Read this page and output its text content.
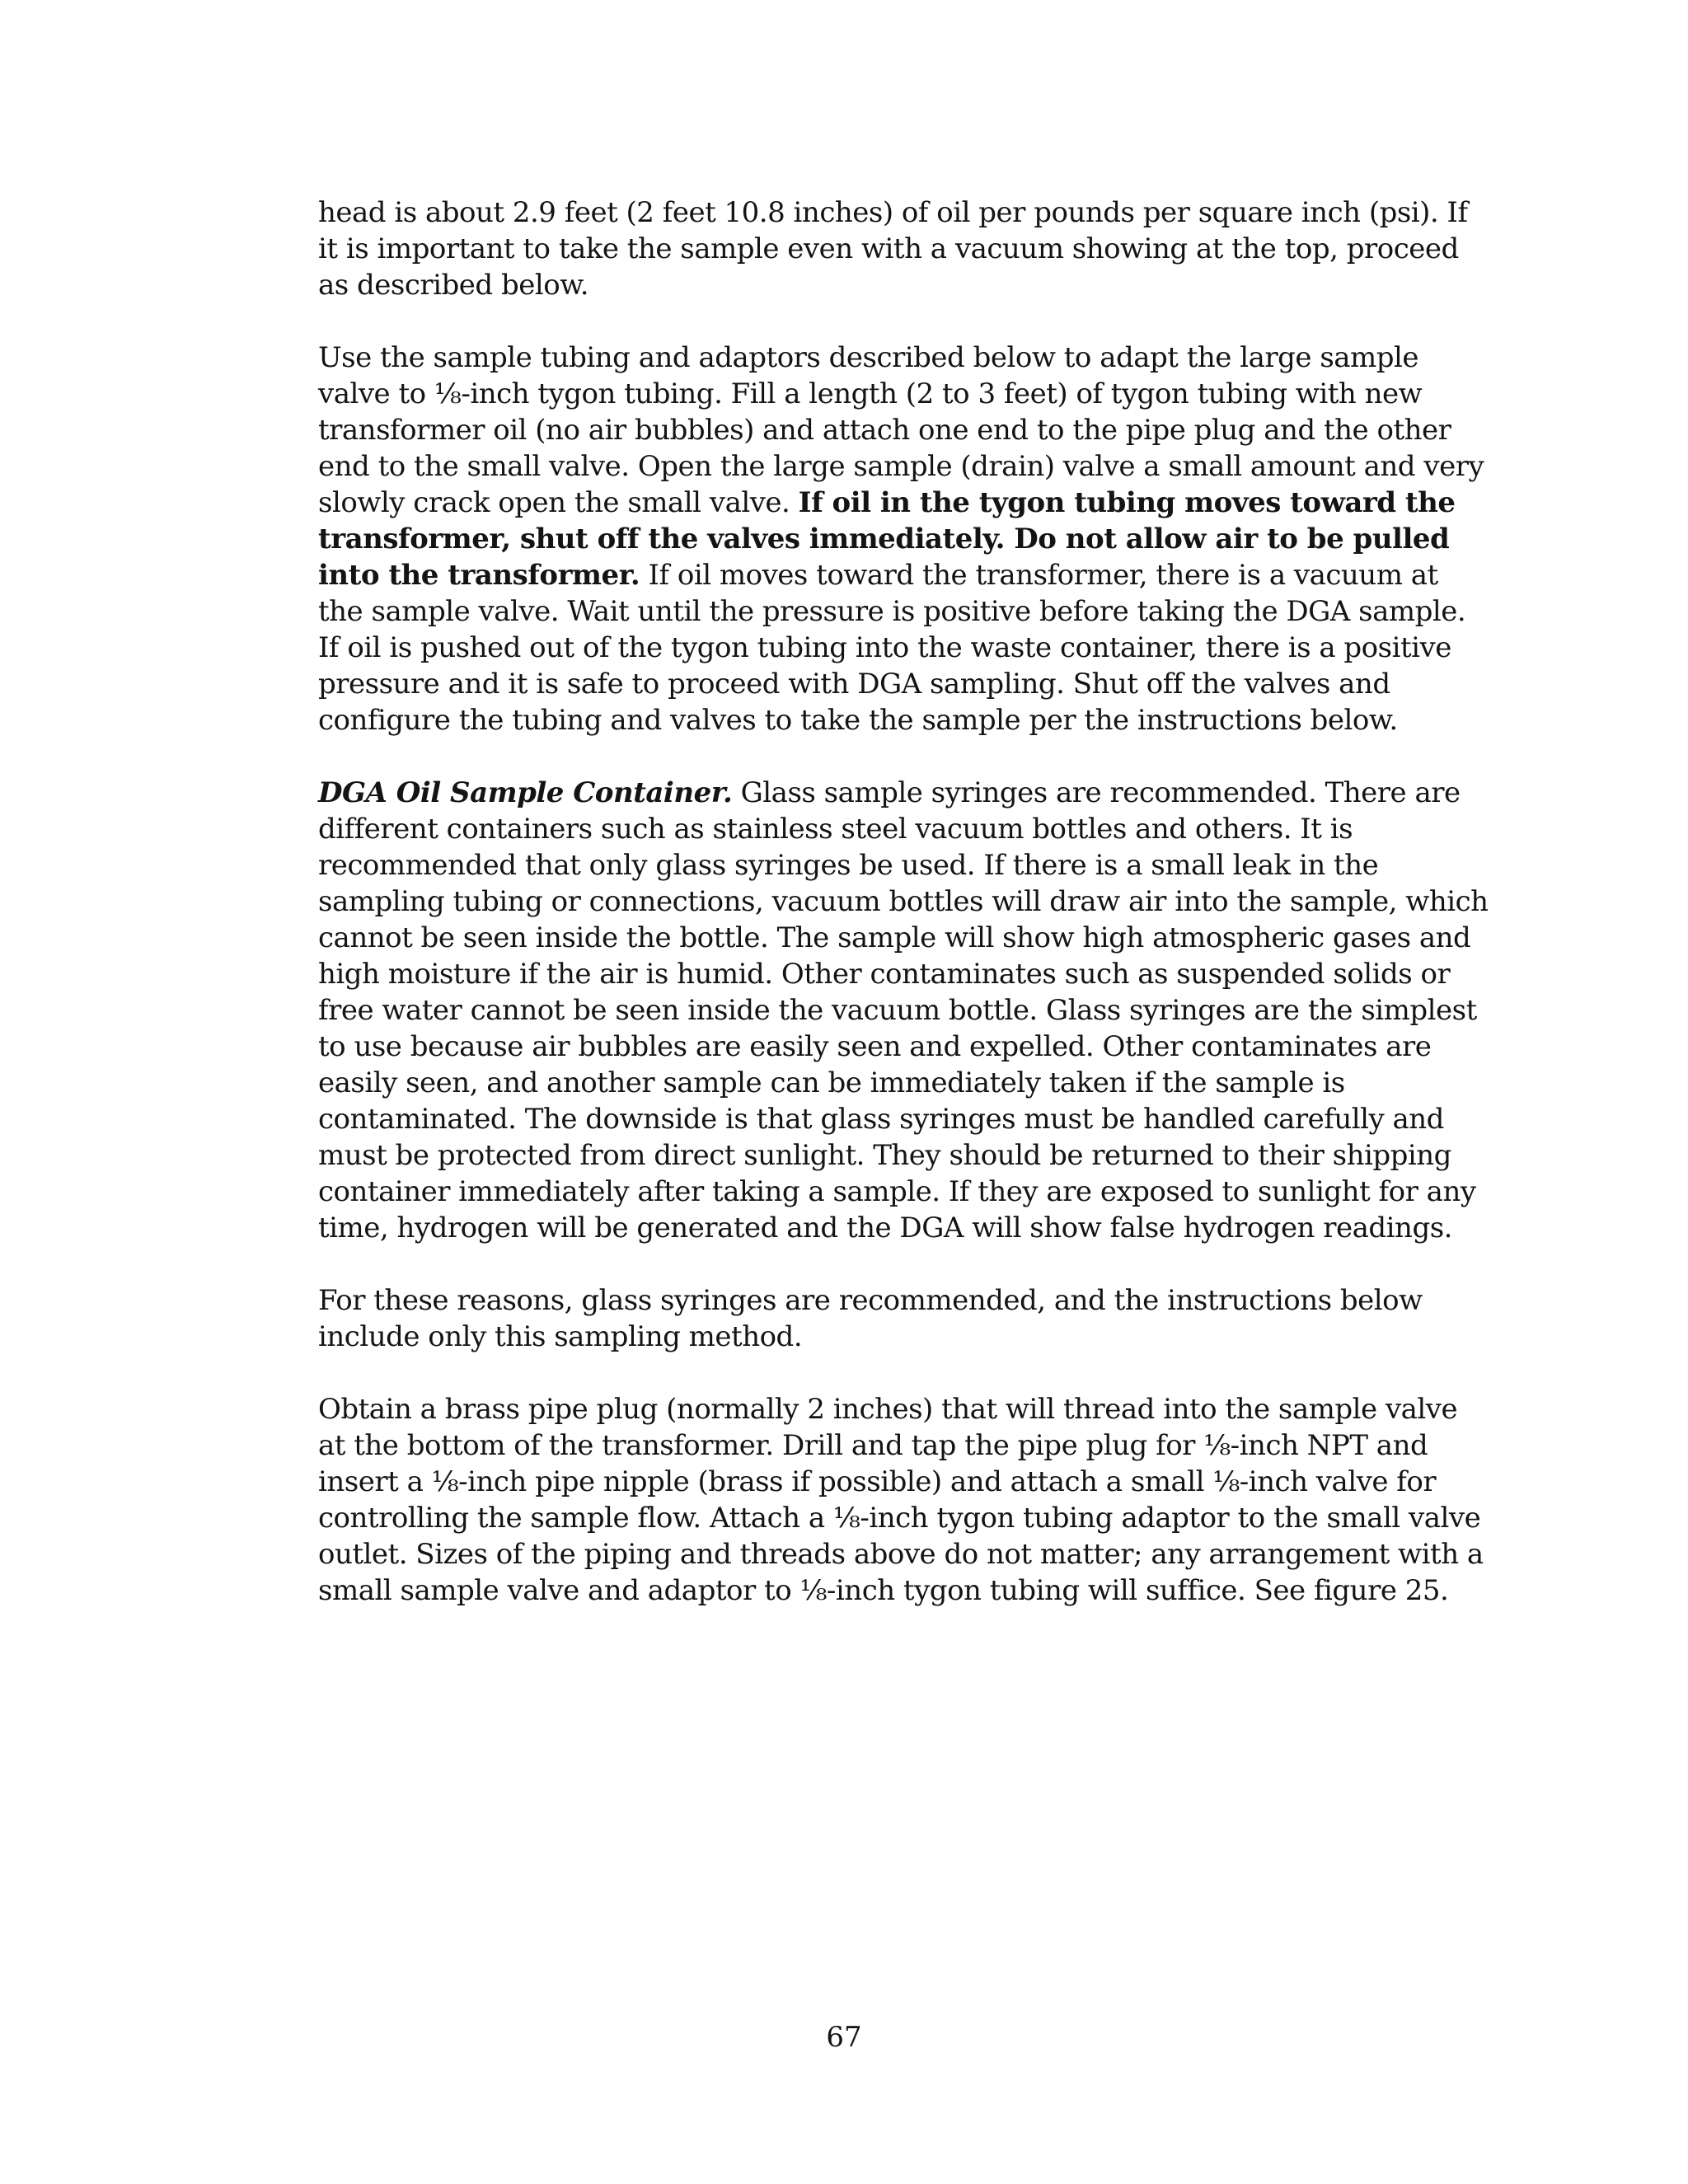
head is about 2.9 feet (2 feet 10.8 inches) of oil per pounds per square inch (psi). If it is important to take the sample even with a vacuum showing at the top, proceed as described below.

Use the sample tubing and adaptors described below to adapt the large sample valve to ⅛-inch tygon tubing. Fill a length (2 to 3 feet) of tygon tubing with new transformer oil (no air bubbles) and attach one end to the pipe plug and the other end to the small valve. Open the large sample (drain) valve a small amount and very slowly crack open the small valve. If oil in the tygon tubing moves toward the transformer, shut off the valves immediately. Do not allow air to be pulled into the transformer. If oil moves toward the transformer, there is a vacuum at the sample valve. Wait until the pressure is positive before taking the DGA sample. If oil is pushed out of the tygon tubing into the waste container, there is a positive pressure and it is safe to proceed with DGA sampling. Shut off the valves and configure the tubing and valves to take the sample per the instructions below.

DGA Oil Sample Container. Glass sample syringes are recommended. There are different containers such as stainless steel vacuum bottles and others. It is recommended that only glass syringes be used. If there is a small leak in the sampling tubing or connections, vacuum bottles will draw air into the sample, which cannot be seen inside the bottle. The sample will show high atmospheric gases and high moisture if the air is humid. Other contaminates such as suspended solids or free water cannot be seen inside the vacuum bottle. Glass syringes are the simplest to use because air bubbles are easily seen and expelled. Other contaminates are easily seen, and another sample can be immediately taken if the sample is contaminated. The downside is that glass syringes must be handled carefully and must be protected from direct sunlight. They should be returned to their shipping container immediately after taking a sample. If they are exposed to sunlight for any time, hydrogen will be generated and the DGA will show false hydrogen readings.

For these reasons, glass syringes are recommended, and the instructions below include only this sampling method.

Obtain a brass pipe plug (normally 2 inches) that will thread into the sample valve at the bottom of the transformer. Drill and tap the pipe plug for ⅛-inch NPT and insert a ⅛-inch pipe nipple (brass if possible) and attach a small ⅛-inch valve for controlling the sample flow. Attach a ⅛-inch tygon tubing adaptor to the small valve outlet. Sizes of the piping and threads above do not matter; any arrangement with a small sample valve and adaptor to ⅛-inch tygon tubing will suffice. See figure 25.

67
